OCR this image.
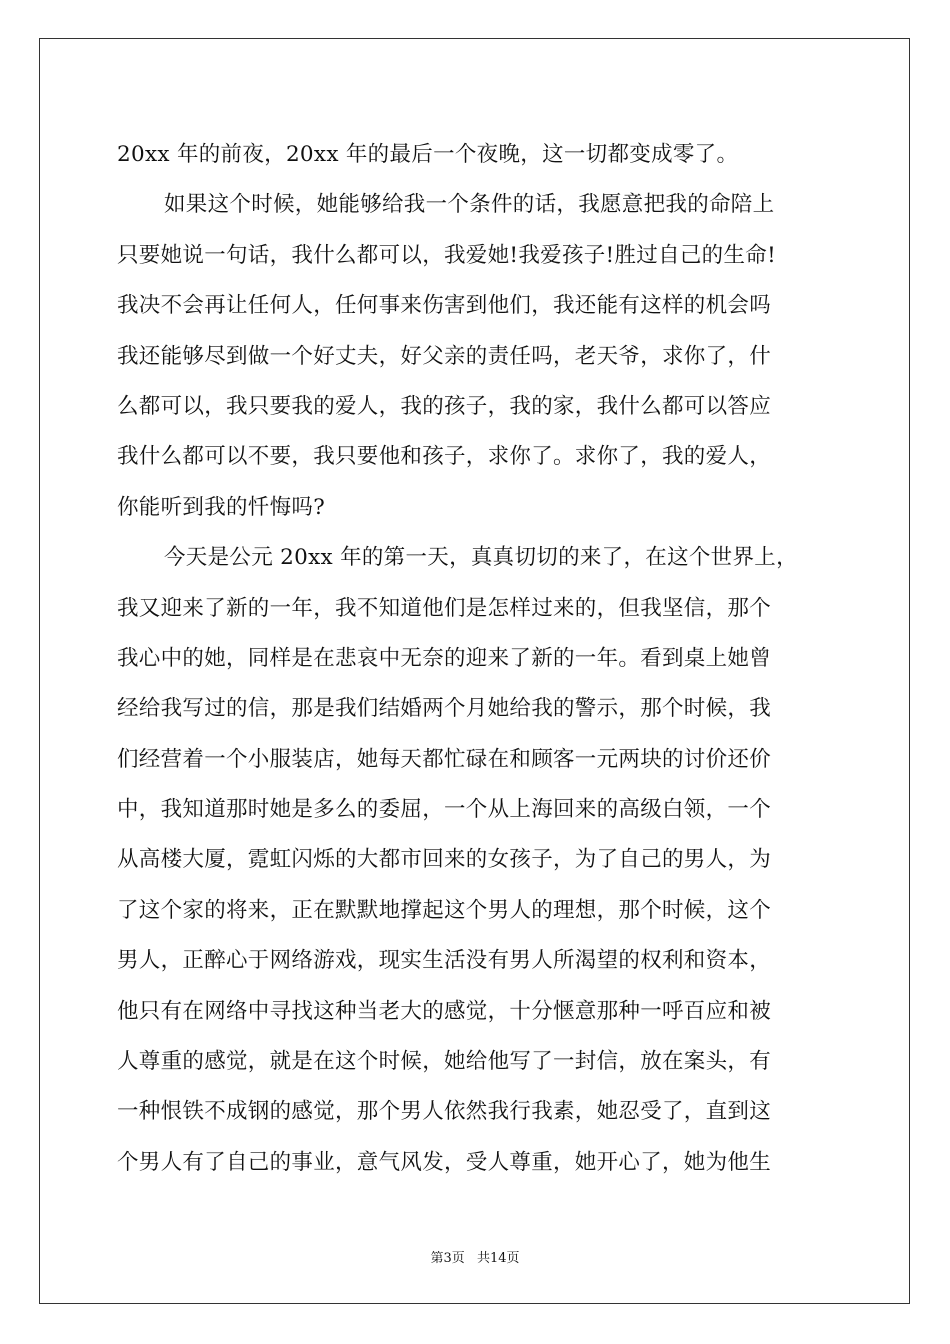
20xx 年的前夜，20xx 年的最后一个夜晚，这一切都变成零了。
如果这个时候，她能够给我一个条件的话，我愿意把我的命陪上
只要她说一句话，我什么都可以，我爱她!我爱孩子!胜过自己的生命!
我决不会再让任何人，任何事来伤害到他们，我还能有这样的机会吗
我还能够尽到做一个好丈夫，好父亲的责任吗，老天爷，求你了，什
么都可以，我只要我的爱人，我的孩子，我的家，我什么都可以答应
我什么都可以不要，我只要他和孩子，求你了。求你了，我的爱人，
你能听到我的忏悔吗?
今天是公元 20xx 年的第一天，真真切切的来了，在这个世界上，
我又迎来了新的一年，我不知道他们是怎样过来的，但我坚信，那个
我心中的她，同样是在悲哀中无奈的迎来了新的一年。看到桌上她曾
经给我写过的信，那是我们结婚两个月她给我的警示，那个时候，我
们经营着一个小服装店，她每天都忙碌在和顾客一元两块的讨价还价
中，我知道那时她是多么的委屈，一个从上海回来的高级白领，一个
从高楼大厦，霓虹闪烁的大都市回来的女孩子，为了自己的男人，为
了这个家的将来，正在默默地撑起这个男人的理想，那个时候，这个
男人，正醉心于网络游戏，现实生活没有男人所渴望的权利和资本，
他只有在网络中寻找这种当老大的感觉，十分惬意那种一呼百应和被
人尊重的感觉，就是在这个时候，她给他写了一封信，放在案头，有
一种恨铁不成钢的感觉，那个男人依然我行我素，她忍受了，直到这
个男人有了自己的事业，意气风发，受人尊重，她开心了，她为他生
第3页 共14页
